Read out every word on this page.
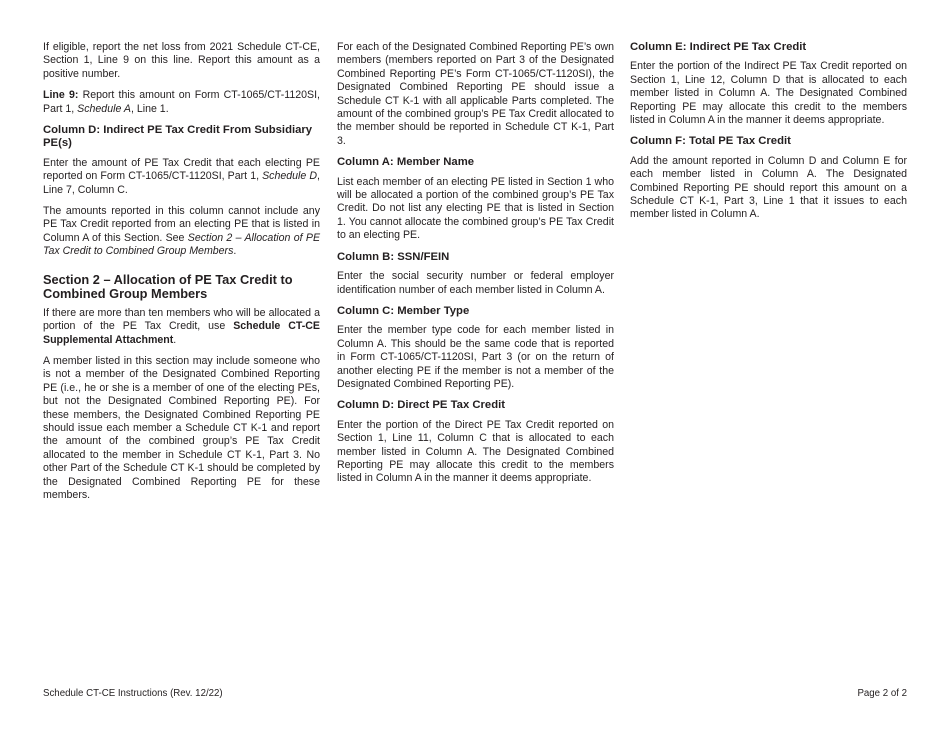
If eligible, report the net loss from 2021 Schedule CT-CE, Section 1, Line 9 on this line. Report this amount as a positive number.

Line 9: Report this amount on Form CT-1065/CT-1120SI, Part 1, Schedule A, Line 1.

Column D: Indirect PE Tax Credit From Subsidiary PE(s)

Enter the amount of PE Tax Credit that each electing PE reported on Form CT-1065/CT-1120SI, Part 1, Schedule D, Line 7, Column C.

The amounts reported in this column cannot include any PE Tax Credit reported from an electing PE that is listed in Column A of this Section. See Section 2 – Allocation of PE Tax Credit to Combined Group Members.

Section 2 – Allocation of PE Tax Credit to Combined Group Members

If there are more than ten members who will be allocated a portion of the PE Tax Credit, use Schedule CT-CE Supplemental Attachment.

A member listed in this section may include someone who is not a member of the Designated Combined Reporting PE (i.e., he or she is a member of one of the electing PEs, but not the Designated Combined Reporting PE). For these members, the Designated Combined Reporting PE should issue each member a Schedule CT K-1 and report the amount of the combined group’s PE Tax Credit allocated to the member in Schedule CT K-1, Part 3. No other Part of the Schedule CT K-1 should be completed by the Designated Combined Reporting PE for these members.

For each of the Designated Combined Reporting PE’s own members (members reported on Part 3 of the Designated Combined Reporting PE’s Form CT-1065/CT-1120SI), the Designated Combined Reporting PE should issue a Schedule CT K-1 with all applicable Parts completed. The amount of the combined group’s PE Tax Credit allocated to the member should be reported in Schedule CT K-1, Part 3.

Column A: Member Name

List each member of an electing PE listed in Section 1 who will be allocated a portion of the combined group’s PE Tax Credit. Do not list any electing PE that is listed in Section 1. You cannot allocate the combined group’s PE Tax Credit to an electing PE.

Column B: SSN/FEIN

Enter the social security number or federal employer identification number of each member listed in Column A.

Column C: Member Type

Enter the member type code for each member listed in Column A. This should be the same code that is reported in Form CT-1065/CT-1120SI, Part 3 (or on the return of another electing PE if the member is not a member of the Designated Combined Reporting PE).

Column D: Direct PE Tax Credit

Enter the portion of the Direct PE Tax Credit reported on Section 1, Line 11, Column C that is allocated to each member listed in Column A. The Designated Combined Reporting PE may allocate this credit to the members listed in Column A in the manner it deems appropriate.

Column E: Indirect PE Tax Credit

Enter the portion of the Indirect PE Tax Credit reported on Section 1, Line 12, Column D that is allocated to each member listed in Column A. The Designated Combined Reporting PE may allocate this credit to the members listed in Column A in the manner it deems appropriate.

Column F: Total PE Tax Credit

Add the amount reported in Column D and Column E for each member listed in Column A. The Designated Combined Reporting PE should report this amount on a Schedule CT K-1, Part 3, Line 1 that it issues to each member listed in Column A.

Schedule CT-CE Instructions (Rev. 12/22)	Page 2 of 2
